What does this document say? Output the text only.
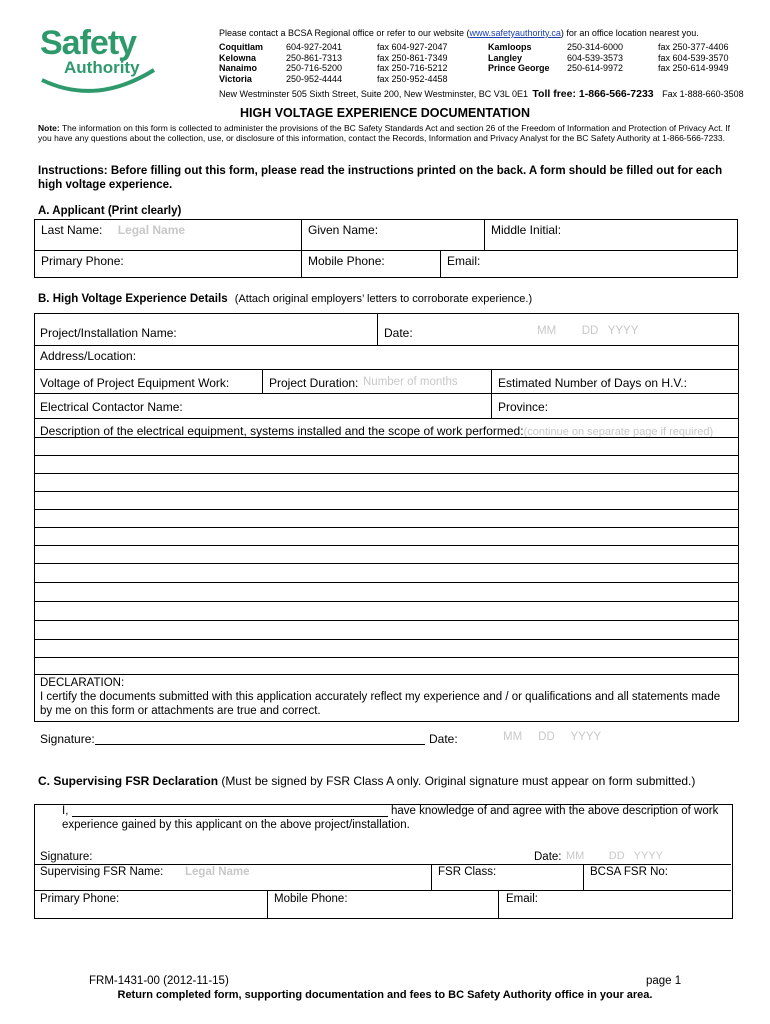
Safety
Authority
Please contact a BCSA Regional office or refer to our website (www.safetyauthority.ca) for an office location nearest you.
Coquitlam	604-927-2041	fax 604-927-2047
Kelowna	250-861-7313	fax 250-861-7349
Nanaimo	250-716-5200	fax 250-716-5212
Victoria	250-952-4444	fax 250-952-4458
Kamloops	250-314-6000	fax 250-377-4406
Langley	604-539-3573	fax 604-539-3570
Prince George	250-614-9972	fax 250-614-9949
New Westminster 505 Sixth Street, Suite 200, New Westminster, BC V3L 0E1 Toll free: 1-866-566-7233 Fax 1-888-660-3508
HIGH VOLTAGE EXPERIENCE DOCUMENTATION
Note: The information on this form is collected to administer the provisions of the BC Safety Standards Act and section 26 of the Freedom of Information and Protection of Privacy Act. If you have any questions about the collection, use, or disclosure of this information, contact the Records, Information and Privacy Analyst for the BC Safety Authority at 1-866-566-7233.
Instructions: Before filling out this form, please read the instructions printed on the back. A form should be filled out for each high voltage experience.
A. Applicant (Print clearly)
Last Name: Legal Name	Given Name:		Middle Initial:
Primary Phone:	Mobile Phone:	Email:	
B. High Voltage Experience Details (Attach original employers’ letters to corroborate experience.)
Project/Installation Name:	Date:	MM        DD   YYYY
Address/Location:
Voltage of Project Equipment Work:	Project Duration: Number of months	Estimated Number of Days on H.V.:
Electrical Contactor Name:	Province:
Description of the electrical equipment, systems installed and the scope of work performed:(continue on separate page if required)
DECLARATION:
I certify the documents submitted with this application accurately reflect my experience and / or qualifications and all statements made by me on this form or attachments are true and correct.
Signature:	Date:	MM     DD     YYYY
C. Supervising FSR Declaration (Must be signed by FSR Class A only. Original signature must appear on form submitted.)
I,	have knowledge of and agree with the above description of work
experience gained by this applicant on the above project/installation.
Signature:	Date: MM        DD   YYYY
Supervising FSR Name: Legal Name	FSR Class:	BCSA FSR No:
Primary Phone:	Mobile Phone:	Email:
FRM-1431-00 (2012-11-15)	page 1
Return completed form, supporting documentation and fees to BC Safety Authority office in your area.
